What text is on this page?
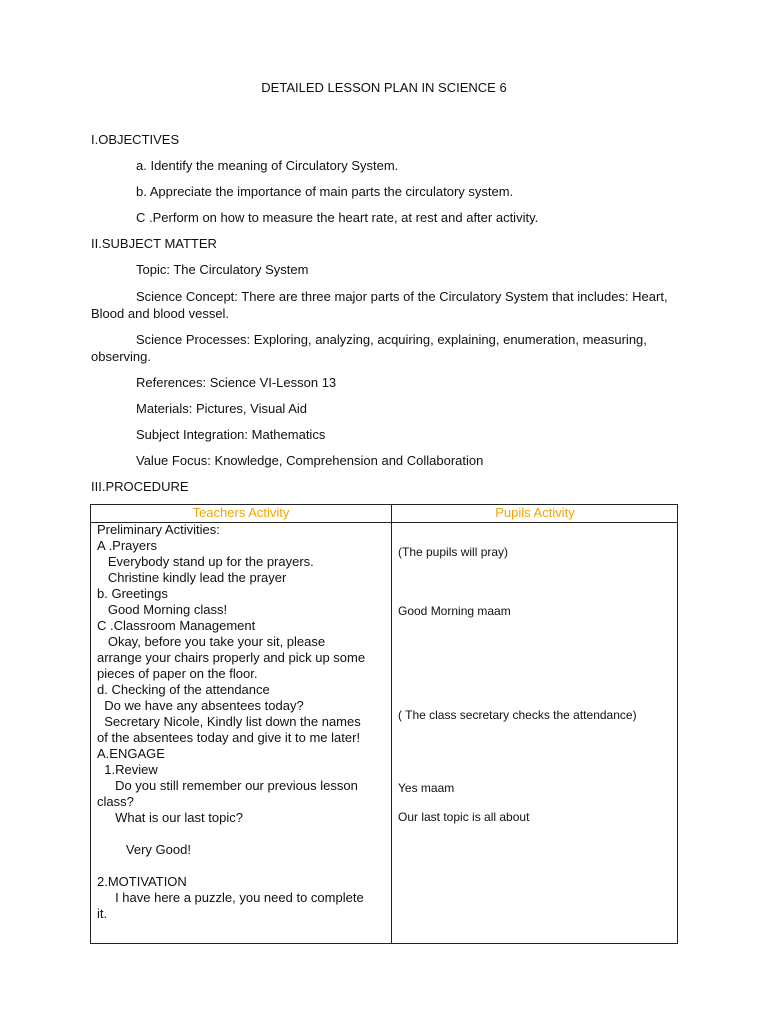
DETAILED LESSON PLAN IN SCIENCE 6
I.OBJECTIVES
a. Identify the meaning of Circulatory System.
b. Appreciate the importance of main parts the circulatory system.
C .Perform on how to measure the heart rate, at rest and after activity.
II.SUBJECT MATTER
Topic: The Circulatory System
Science Concept: There are three major parts of the Circulatory System that includes: Heart, Blood and blood vessel.
Science Processes: Exploring, analyzing, acquiring, explaining, enumeration, measuring, observing.
References: Science VI-Lesson 13
Materials: Pictures, Visual Aid
Subject Integration: Mathematics
Value Focus: Knowledge, Comprehension and Collaboration
III.PROCEDURE
Teachers Activity	Pupils Activity
Preliminary Activities:
A .Prayers
Everybody stand up for the prayers.
Christine kindly lead the prayer
b. Greetings
Good Morning class!
C .Classroom Management
Okay, before you take your sit, please
arrange your chairs properly and pick up some
pieces of paper on the floor.
d. Checking of the attendance
Do we have any absentees today?
Secretary Nicole, Kindly list down the names
of the absentees today and give it to me later!
A.ENGAGE
1.Review
Do you still remember our previous lesson
class?
What is our last topic?

Very Good!

2.MOTIVATION
I have here a puzzle, you need to complete
it.
(The pupils will pray)
Good Morning maam
( The class secretary checks the attendance)
Yes maam
Our last topic is all about
